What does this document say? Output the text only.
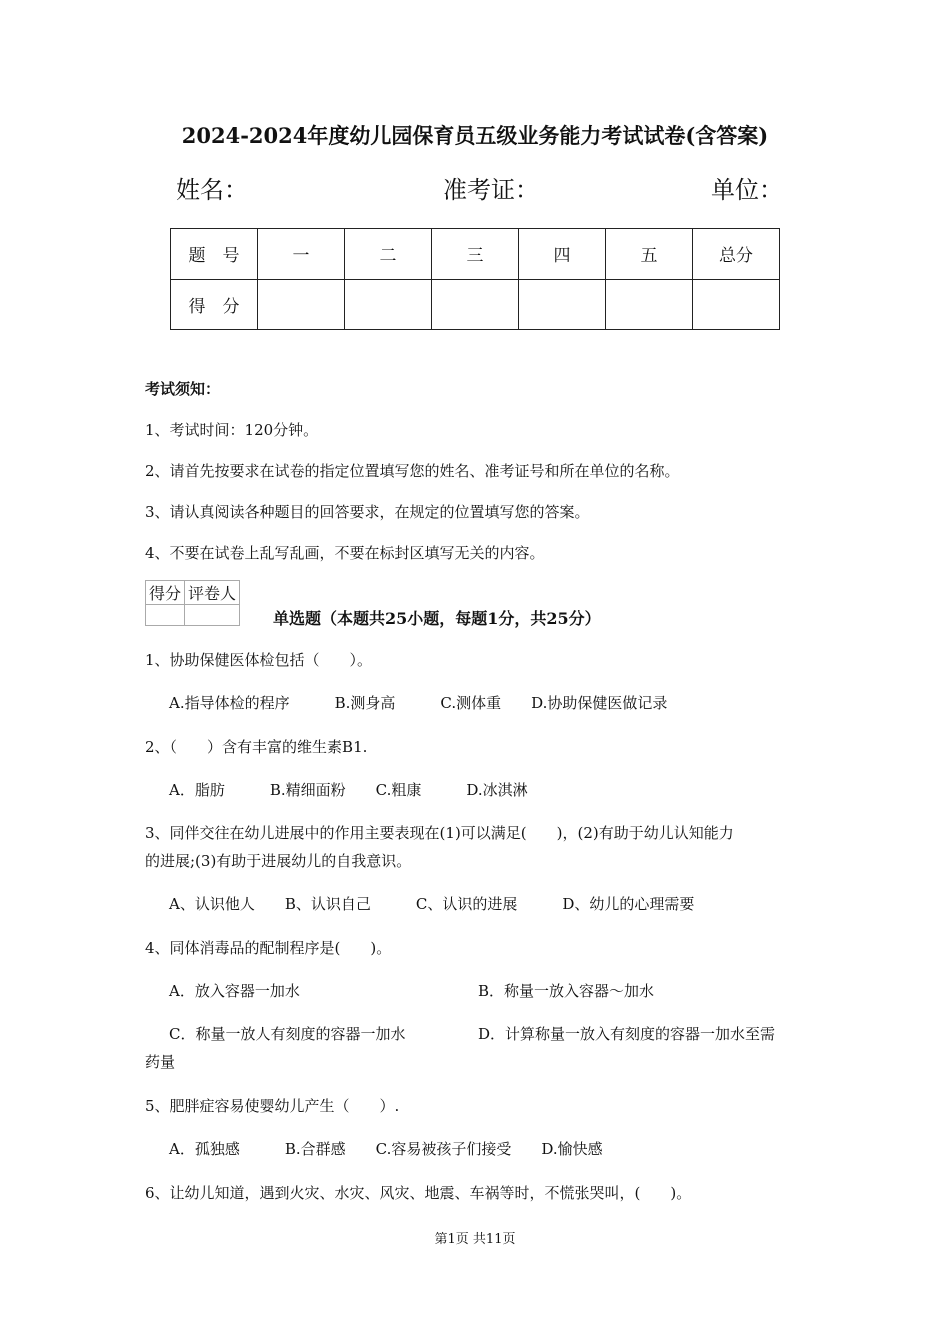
2024-2024年度幼儿园保育员五级业务能力考试试卷(含答案)
姓名：	准考证：	单位：
题　号	一	二	三	四	五	总分
得　分						
考试须知：
1、考试时间：120分钟。
2、请首先按要求在试卷的指定位置填写您的姓名、准考证号和所在单位的名称。
3、请认真阅读各种题目的回答要求，在规定的位置填写您的答案。
4、不要在试卷上乱写乱画，不要在标封区填写无关的内容。
得分	评卷人

单选题（本题共25小题，每题1分，共25分）
1、协助保健医体检包括（　　）。
A.指导体检的程序　　　B.测身高　　　C.测体重　　D.协助保健医做记录
2、（　　）含有丰富的维生素B1.
A．脂肪　　　B.精细面粉　　C.粗康　　　D.冰淇淋
3、同伴交往在幼儿进展中的作用主要表现在(1)可以满足(　　)，(2)有助于幼儿认知能力
的进展;(3)有助于进展幼儿的自我意识。
A、认识他人　　B、认识自己　　　C、认识的进展　　　D、幼儿的心理需要
4、同体消毒品的配制程序是(　　)。
A．放入容器一加水	B．称量一放入容器～加水
C．称量一放人有刻度的容器一加水	D．计算称量一放入有刻度的容器一加水至需
药量
5、肥胖症容易使婴幼儿产生（　　）.
A．孤独感　　　B.合群感　　C.容易被孩子们接受　　D.愉快感
6、让幼儿知道，遇到火灾、水灾、风灾、地震、车祸等时，不慌张哭叫，(　　)。
第1页 共11页
